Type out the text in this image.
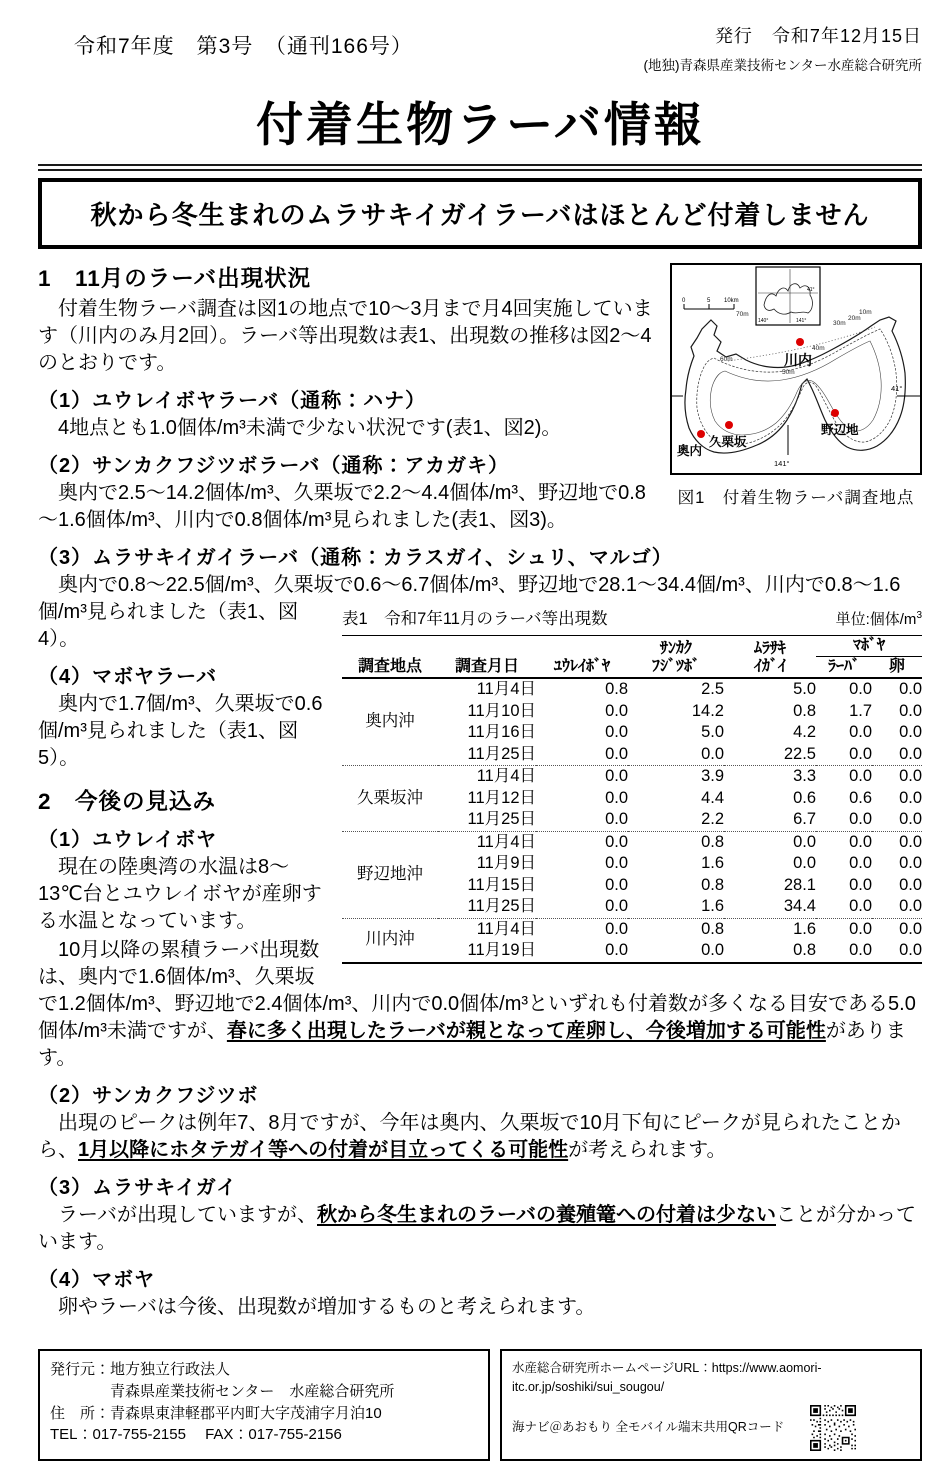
令和7年度　第3号　（通刊166号）	発行　令和7年12月15日
(地独)青森県産業技術センター水産総合研究所
付着生物ラーバ情報
秋から冬生まれのムラサキイガイラーバはほとんど付着しません
0	5 10km
41°
140°	141°
41°
141°
70m
60m
50m
40m
30m
20m
10m
川内
奥内
久栗坂
野辺地
図1　付着生物ラーバ調査地点
1　11月のラーバ出現状況
　付着生物ラーバ調査は図1の地点で10～3月まで月4回実施しています（川内のみ月2回）。ラーバ等出現数は表1、出現数の推移は図2～4のとおりです。
（1）ユウレイボヤラーバ（通称：ハナ）
　4地点とも1.0個体/m³未満で少ない状況です(表1、図2)。
（2）サンカクフジツボラーバ（通称：アカガキ）
　奥内で2.5～14.2個体/m³、久栗坂で2.2～4.4個体/m³、野辺地で0.8～1.6個体/m³、川内で0.8個体/m³見られました(表1、図3)。
（3）ムラサキイガイラーバ（通称：カラスガイ、シュリ、マルゴ）
　奥内で0.8～22.5個/m³、久栗坂で0.6～6.7個体/m³、野辺地で28.1～34.4個/m³、川内で
表1　令和7年11月のラーバ等出現数	単位:個体$/m^3$
調査地点	調査月日	ﾕｳﾚｲﾎﾞﾔ	
ｻﾝｶｸ
ﾌｼﾞﾂﾎﾞ

ﾑﾗｻｷ
ｲｶﾞｲ
	ﾏﾎﾞﾔ
					ﾗｰﾊﾞ	卵
奥内沖	11月4日	0.8	2.5	5.0	0.0	0.0
	11月10日	0.0	14.2	0.8	1.7	0.0
	11月16日	0.0	5.0	4.2	0.0	0.0
	11月25日	0.0	0.0	22.5	0.0	0.0
久栗坂沖	11月4日	0.0	3.9	3.3	0.0	0.0
	11月12日	0.0	4.4	0.6	0.6	0.0
	11月25日	0.0	2.2	6.7	0.0	0.0
野辺地沖	11月4日	0.0	0.8	0.0	0.0	0.0
	11月9日	0.0	1.6	0.0	0.0	0.0
	11月15日	0.0	0.8	28.1	0.0	0.0
	11月25日	0.0	1.6	34.4	0.0	0.0
川内沖	11月4日	0.0	0.8	1.6	0.0	0.0
	11月19日	0.0	0.0	0.8	0.0	0.0
0.8～1.6個/m³見られました（表1、図4）。
（4）マボヤラーバ
　奥内で1.7個/m³、久栗坂で0.6個/m³見られました（表1、図5）。
2　今後の見込み
（1）ユウレイボヤ
　現在の陸奥湾の水温は8～13℃台とユウレイボヤが産卵する水温となっています。
　10月以降の累積ラーバ出現数は、奥内で1.6個体/m³、久栗坂で1.2個体/m³、野辺地で2.4個体/m³、川内で0.0個体/m³といずれも付着数が多くなる目安である5.0個体/m³未満ですが、春に多く出現したラーバが親となって産卵し、今後増加する可能性があります。
（2）サンカクフジツボ
　出現のピークは例年7、8月ですが、今年は奥内、久栗坂で10月下旬にピークが見られたことから、1月以降にホタテガイ等への付着が目立ってくる可能性が考えられます。
（3）ムラサキイガイ
　ラーバが出現していますが、秋から冬生まれのラーバの養殖篭への付着は少ないことが分かっています。
（4）マボヤ
　卵やラーバは今後、出現数が増加するものと考えられます。
発行元：地方独立行政法人
　　　　青森県産業技術センター　水産総合研究所
住　所：青森県東津軽郡平内町大字茂浦字月泊10
TEL：017-755-2155　 FAX：017-755-2156
水産総合研究所ホームページURL：https://www.aomori-itc.or.jp/soshiki/sui_sougou/
海ナビ＠あおもり 全モバイル端末共用QRコード
